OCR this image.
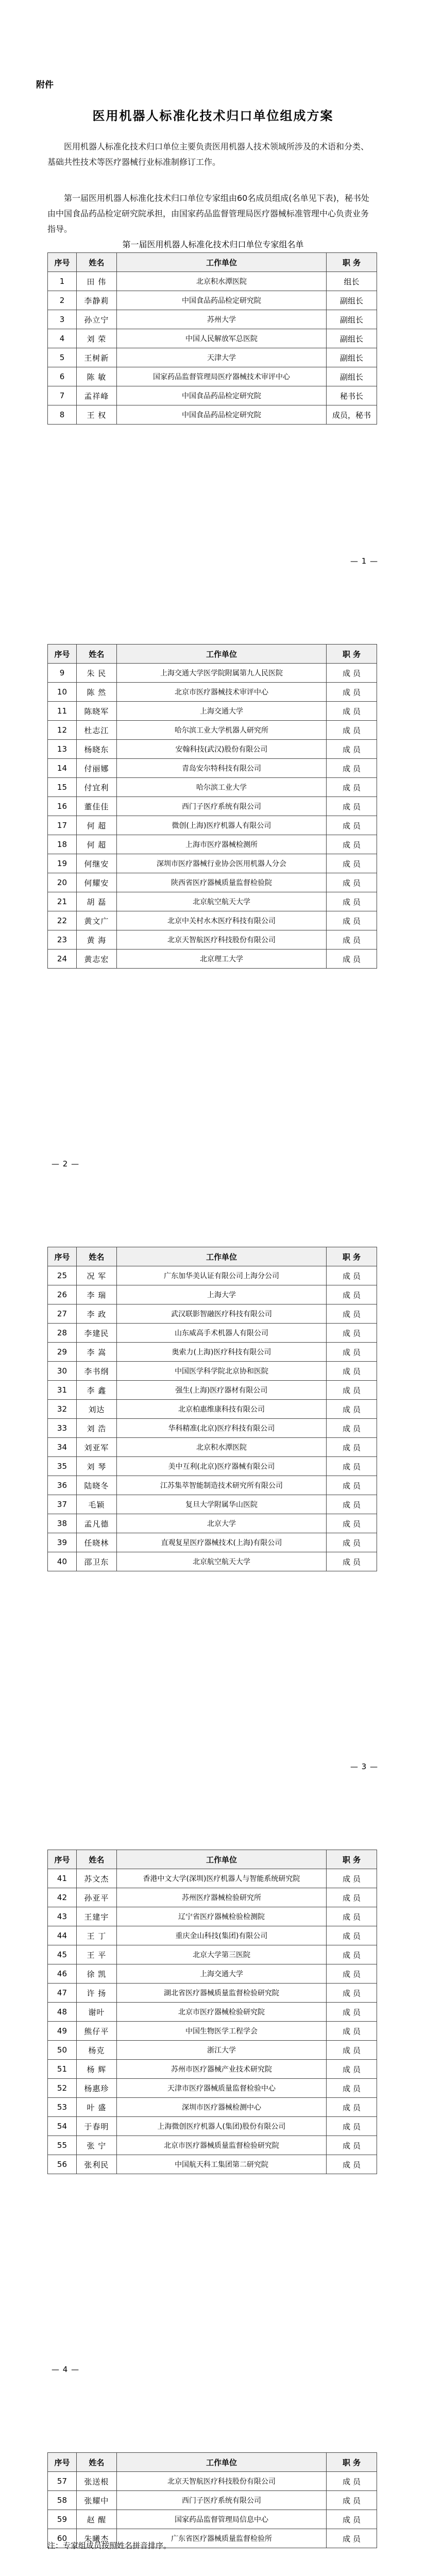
附件
医用机器人标准化技术归口单位组成方案
医用机器人标准化技术归口单位主要负责医用机器人技术领域所涉及的术语和分类、基础共性技术等医疗器械行业标准制修订工作。
第一届医用机器人标准化技术归口单位专家组由60名成员组成(名单见下表)，秘书处由中国食品药品检定研究院承担，由国家药品监督管理局医疗器械标准管理中心负责业务指导。
第一届医用机器人标准化技术归口单位专家组名单
序号	姓名	工作单位	职 务
1	田 伟	北京积水潭医院	组长
2	李静莉	中国食品药品检定研究院	副组长
3	孙立宁	苏州大学	副组长
4	刘 荣	中国人民解放军总医院	副组长
5	王树新	天津大学	副组长
6	陈 敏	国家药品监督管理局医疗器械技术审评中心	副组长
7	孟祥峰	中国食品药品检定研究院	秘书长
8	王 权	中国食品药品检定研究院	成员，秘书
序号	姓名	工作单位	职 务
9	朱 民	上海交通大学医学院附属第九人民医院	成 员
10	陈 然	北京市医疗器械技术审评中心	成 员
11	陈晓军	上海交通大学	成 员
12	杜志江	哈尔滨工业大学机器人研究所	成 员
13	杨晓东	安翰科技(武汉)股份有限公司	成 员
14	付丽娜	青岛安尔特科技有限公司	成 员
15	付宜利	哈尔滨工业大学	成 员
16	董佳佳	西门子医疗系统有限公司	成 员
17	何 超	微创(上海)医疗机器人有限公司	成 员
18	何 超	上海市医疗器械检测所	成 员
19	何继安	深圳市医疗器械行业协会医用机器人分会	成 员
20	何耀安	陕西省医疗器械质量监督检验院	成 员
21	胡 磊	北京航空航天大学	成 员
22	黄文广	北京中关村水木医疗科技有限公司	成 员
23	黄 海	北京天智航医疗科技股份有限公司	成 员
24	黄志宏	北京理工大学	成 员
序号	姓名	工作单位	职 务
25	况 军	广东加华美认证有限公司上海分公司	成 员
26	李 瑞	上海大学	成 员
27	李 政	武汉联影智融医疗科技有限公司	成 员
28	李建民	山东威高手术机器人有限公司	成 员
29	李 嵩	奥索力(上海)医疗科技有限公司	成 员
30	李书纲	中国医学科学院北京协和医院	成 员
31	李 鑫	强生(上海)医疗器材有限公司	成 员
32	刘达	北京柏惠维康科技有限公司	成 员
33	刘 浩	华科精准(北京)医疗科技有限公司	成 员
34	刘亚军	北京积水潭医院	成 员
35	刘 琴	美中互利(北京)医疗器械有限公司	成 员
36	陆晓冬	江苏集萃智能制造技术研究所有限公司	成 员
37	毛颖	复旦大学附属华山医院	成 员
38	孟凡德	北京大学	成 员
39	任晓林	直观复星医疗器械技术(上海)有限公司	成 员
40	邵卫东	北京航空航天大学	成 员
序号	姓名	工作单位	职 务
41	苏文杰	香港中文大学(深圳)医疗机器人与智能系统研究院	成 员
42	孙亚平	苏州医疗器械检验研究所	成 员
43	王建宇	辽宁省医疗器械检验检测院	成 员
44	王 丁	重庆金山科技(集团)有限公司	成 员
45	王 平	北京大学第三医院	成 员
46	徐 凯	上海交通大学	成 员
47	许 扬	湖北省医疗器械质量监督检验研究院	成 员
48	谢叶	北京市医疗器械检验研究院	成 员
49	熊仔平	中国生物医学工程学会	成 员
50	杨克	浙江大学	成 员
51	杨 辉	苏州市医疗器械产业技术研究院	成 员
52	杨惠珍	天津市医疗器械质量监督检验中心	成 员
53	叶 盛	深圳市医疗器械检测中心	成 员
54	于春明	上海微创医疗机器人(集团)股份有限公司	成 员
55	张 宁	北京市医疗器械质量监督检验研究院	成 员
56	张利民	中国航天科工集团第二研究院	成 员
序号	姓名	工作单位	职 务
57	张送根	北京天智航医疗科技股份有限公司	成 员
58	张耀中	西门子医疗系统有限公司	成 员
59	赵 醒	国家药品监督管理局信息中心	成 员
60	朱曦杰	广东省医疗器械质量监督检验所	成 员
— 1 —
— 2 —
— 3 —
— 4 —
注：专家组成员按照姓名拼音排序。
